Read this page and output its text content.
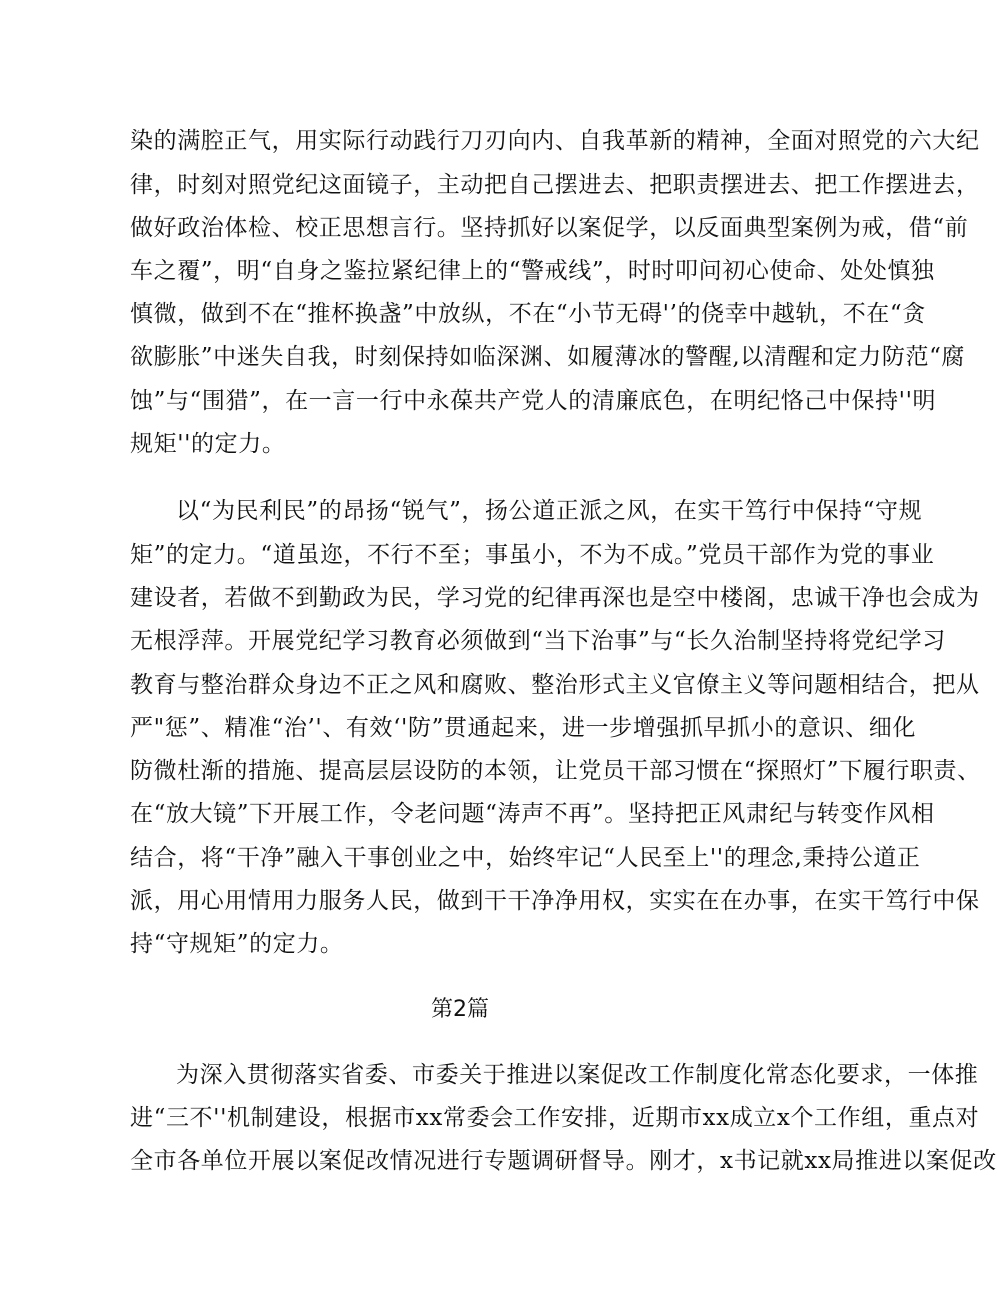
染的满腔正气，用实际行动践行刀刃向内、自我革新的精神，全面对照党的六大纪
律，时刻对照党纪这面镜子，主动把自己摆进去、把职责摆进去、把工作摆进去，
做好政治体检、校正思想言行。坚持抓好以案促学，以反面典型案例为戒，借“前
车之覆”，明“自身之鉴拉紧纪律上的“警戒线”，时时叩问初心使命、处处慎独
慎微，做到不在“推杯换盏”中放纵，不在“小节无碍'’的侥幸中越轨，不在“贪
欲膨胀”中迷失自我，时刻保持如临深渊、如履薄冰的警醒,以清醒和定力防范“腐
蚀”与“围猎”，在一言一行中永葆共产党人的清廉底色，在明纪恪己中保持''明
规矩''的定力。
以“为民利民”的昂扬“锐气”，扬公道正派之风，在实干笃行中保持“守规
矩”的定力。“道虽迩，不行不至；事虽小，不为不成。”党员干部作为党的事业
建设者，若做不到勤政为民，学习党的纪律再深也是空中楼阁，忠诚干净也会成为
无根浮萍。开展党纪学习教育必须做到“当下治事”与“长久治制坚持将党纪学习
教育与整治群众身边不正之风和腐败、整治形式主义官僚主义等问题相结合，把从
严"惩”、精准“治’'、有效‘'防”贯通起来，进一步增强抓早抓小的意识、细化
防微杜渐的措施、提高层层设防的本领，让党员干部习惯在“探照灯”下履行职责、
在“放大镜”下开展工作，令老问题“涛声不再”。坚持把正风肃纪与转变作风相
结合，将“干净”融入干事创业之中，始终牢记“人民至上''的理念,秉持公道正
派，用心用情用力服务人民，做到干干净净用权，实实在在办事，在实干笃行中保
持“守规矩”的定力。
第2篇
为深入贯彻落实省委、市委关于推进以案促改工作制度化常态化要求，一体推
进“三不''机制建设，根据市xx常委会工作安排，近期市xx成立x个工作组，重点对
全市各单位开展以案促改情况进行专题调研督导。刚才，x书记就xx局推进以案促改
